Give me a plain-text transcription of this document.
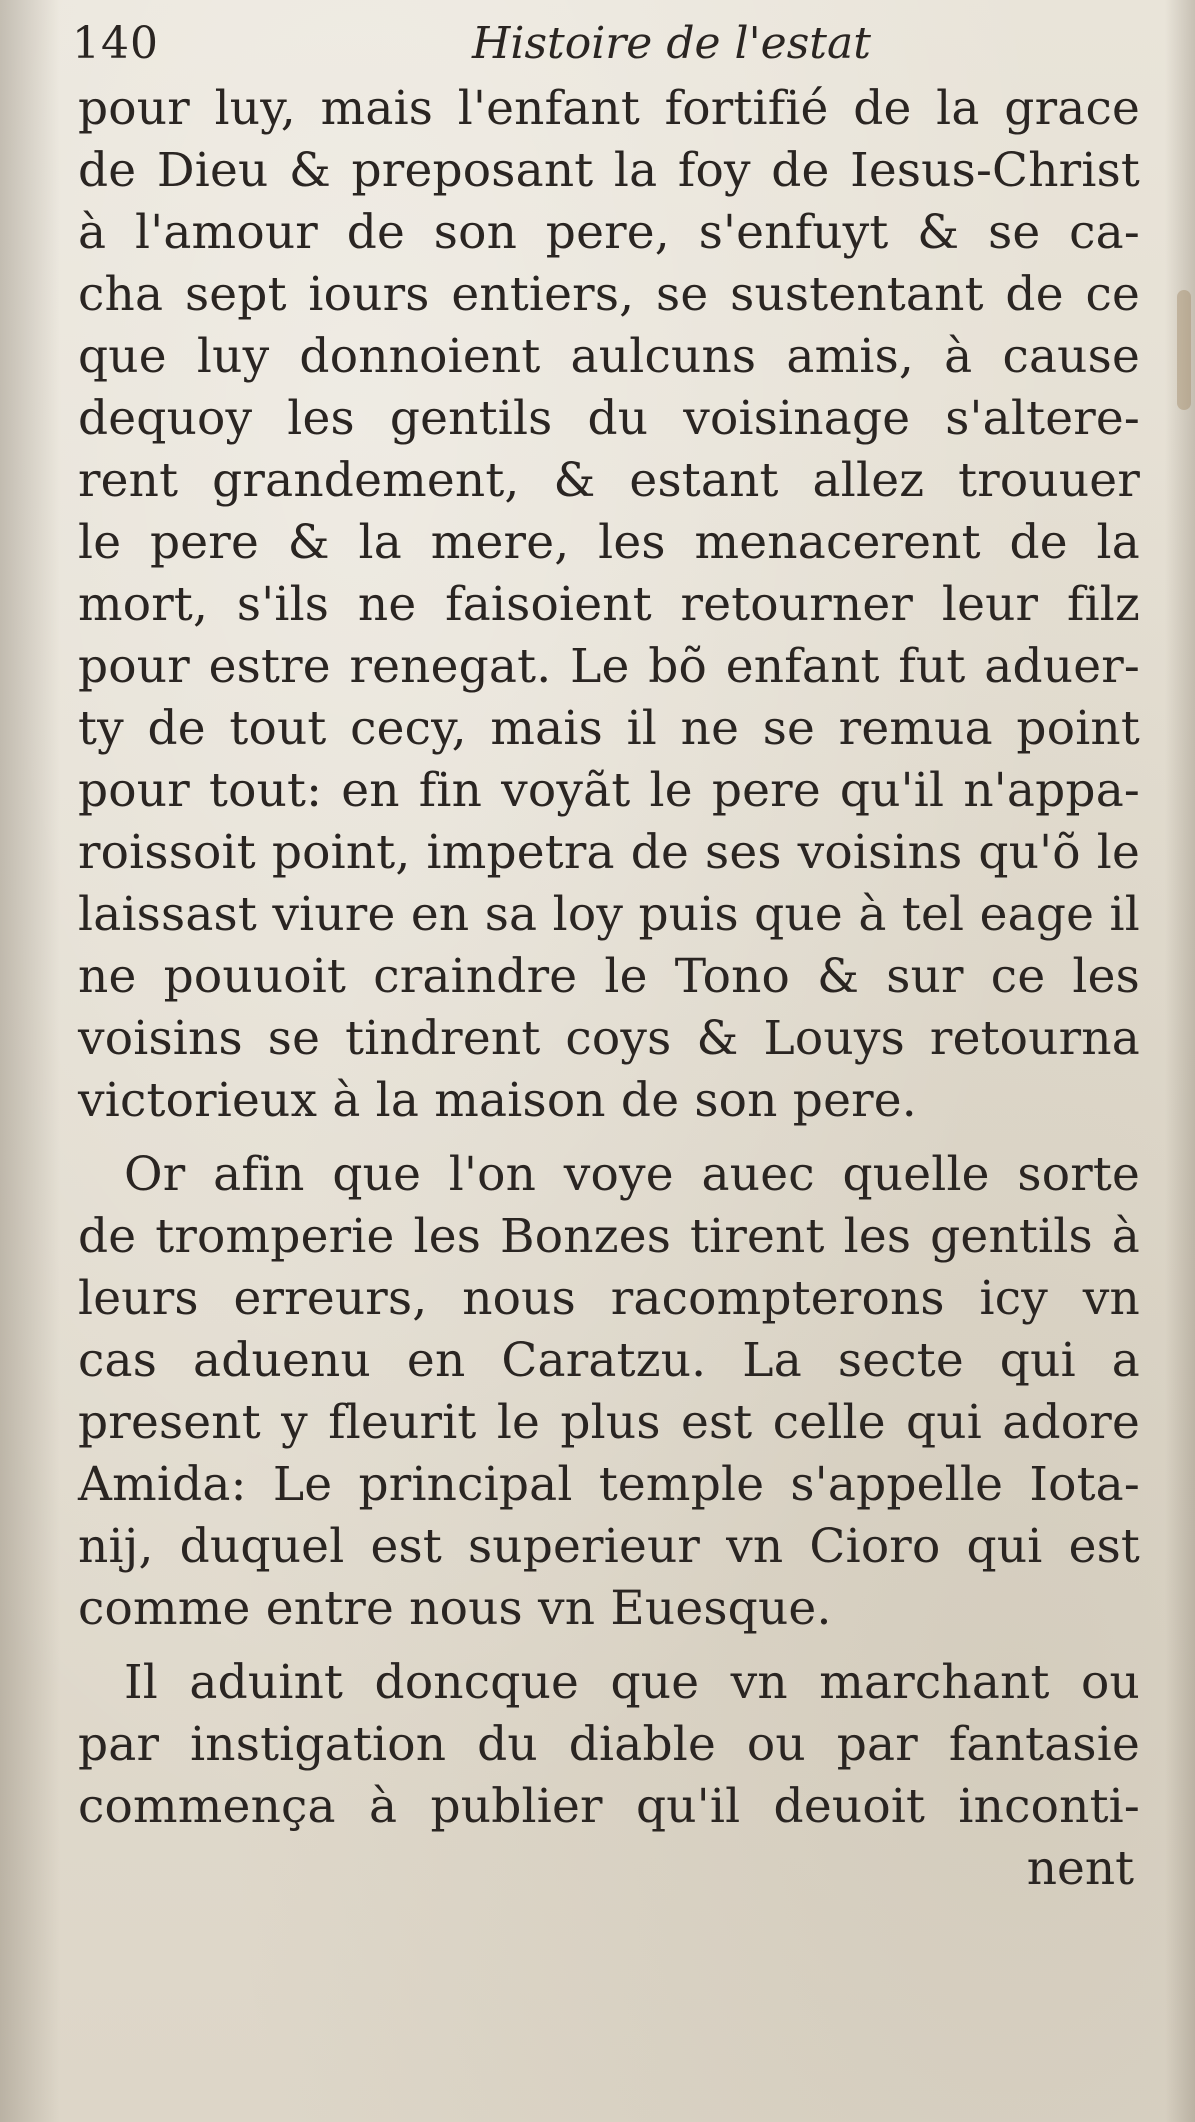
140	Histoire de l'estat
pour luy, mais l'enfant fortifié de la grace
de Dieu & preposant la foy de Iesus-Christ
à l'amour de son pere, s'enfuyt & se ca-
cha sept iours entiers, se sustentant de ce
que luy donnoient aulcuns amis, à cause
dequoy les gentils du voisinage s'altere-
rent grandement, & estant allez trouuer
le pere & la mere, les menacerent de la
mort, s'ils ne faisoient retourner leur filz
pour estre renegat. Le bõ enfant fut aduer-
ty de tout cecy, mais il ne se remua point
pour tout: en fin voyãt le pere qu'il n'appa-
roissoit point, impetra de ses voisins qu'õ le
laissast viure en sa loy puis que à tel eage il
ne pouuoit craindre le Tono & sur ce les
voisins se tindrent coys & Louys retourna
victorieux à la maison de son pere.
Or afin que l'on voye auec quelle sorte
de tromperie les Bonzes tirent les gentils à
leurs erreurs, nous racompterons icy vn
cas aduenu en Caratzu. La secte qui a
present y fleurit le plus est celle qui adore
Amida: Le principal temple s'appelle Iota-
nij, duquel est superieur vn Cioro qui est
comme entre nous vn Euesque.
Il aduint doncque que vn marchant ou
par instigation du diable ou par fantasie
commença à publier qu'il deuoit inconti-
nent
